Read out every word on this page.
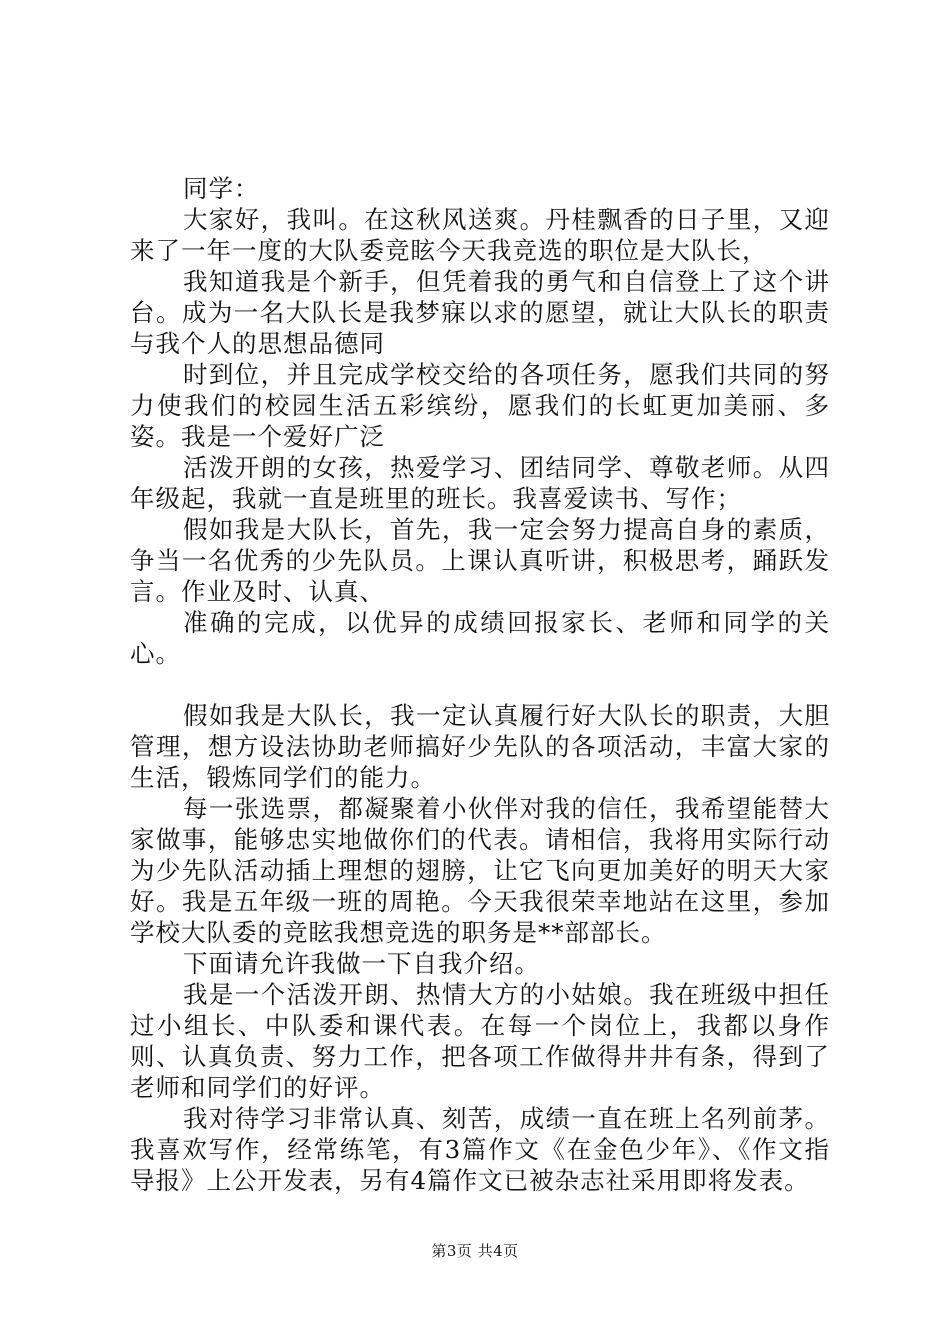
同学：

大家好，我叫。在这秋风送爽。丹桂飘香的日子里，又迎来了一年一度的大队委竞眩今天我竞选的职位是大队长，

我知道我是个新手，但凭着我的勇气和自信登上了这个讲台。成为一名大队长是我梦寐以求的愿望，就让大队长的职责与我个人的思想品德同

时到位，并且完成学校交给的各项任务，愿我们共同的努力使我们的校园生活五彩缤纷，愿我们的长虹更加美丽、多姿。我是一个爱好广泛

活泼开朗的女孩，热爱学习、团结同学、尊敬老师。从四年级起，我就一直是班里的班长。我喜爱读书、写作；

假如我是大队长，首先，我一定会努力提高自身的素质，争当一名优秀的少先队员。上课认真听讲，积极思考，踊跃发言。作业及时、认真、

准确的完成，以优异的成绩回报家长、老师和同学的关心。

假如我是大队长，我一定认真履行好大队长的职责，大胆管理，想方设法协助老师搞好少先队的各项活动，丰富大家的生活，锻炼同学们的能力。

每一张选票，都凝聚着小伙伴对我的信任，我希望能替大家做事，能够忠实地做你们的代表。请相信，我将用实际行动为少先队活动插上理想的翅膀，让它飞向更加美好的明天大家好。我是五年级一班的周艳。今天我很荣幸地站在这里，参加学校大队委的竞眩我想竞选的职务是**部部长。

下面请允许我做一下自我介绍。

我是一个活泼开朗、热情大方的小姑娘。我在班级中担任过小组长、中队委和课代表。在每一个岗位上，我都以身作则、认真负责、努力工作，把各项工作做得井井有条，得到了老师和同学们的好评。

我对待学习非常认真、刻苦，成绩一直在班上名列前茅。我喜欢写作，经常练笔，有3篇作文《在金色少年》、《作文指导报》上公开发表，另有4篇作文已被杂志社采用即将发表。

第3页 共4页
